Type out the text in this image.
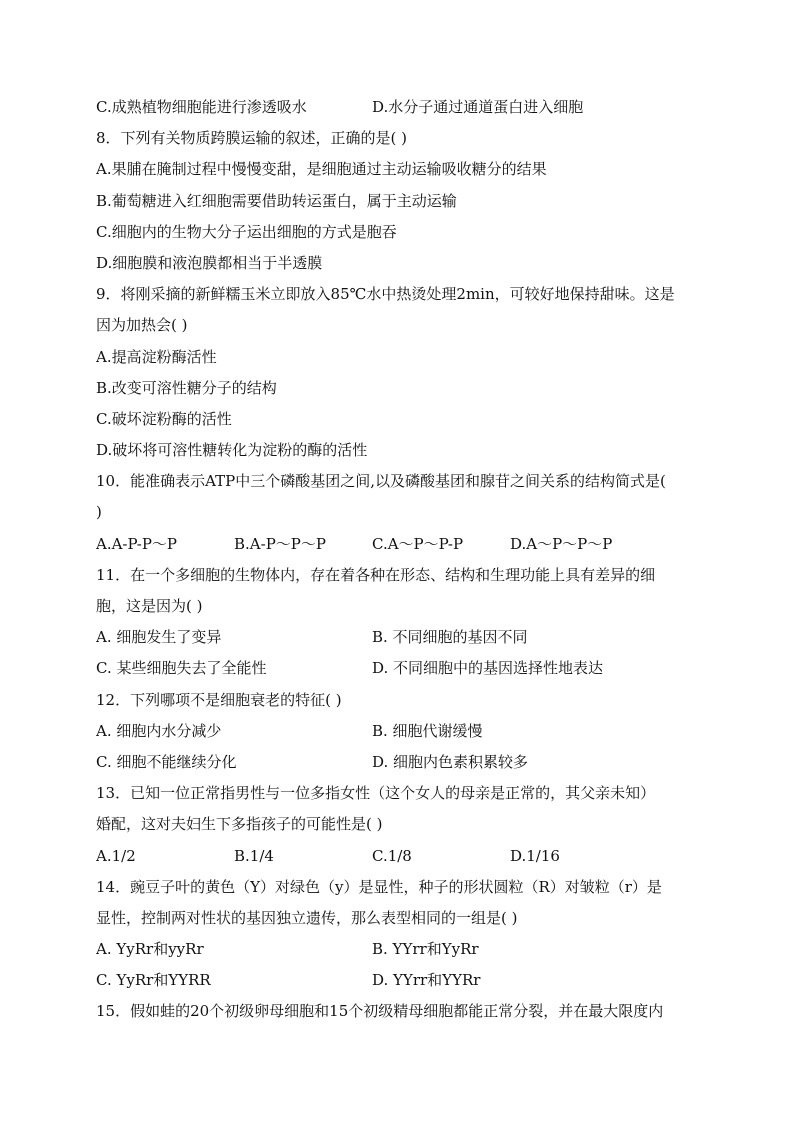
C.成熟植物细胞能进行渗透吸水	D.水分子通过通道蛋白进入细胞
8．下列有关物质跨膜运输的叙述，正确的是( )
A.果脯在腌制过程中慢慢变甜，是细胞通过主动运输吸收糖分的结果
B.葡萄糖进入红细胞需要借助转运蛋白，属于主动运输
C.细胞内的生物大分子运出细胞的方式是胞吞
D.细胞膜和液泡膜都相当于半透膜
9．将刚采摘的新鲜糯玉米立即放入85℃水中热烫处理2min，可较好地保持甜味。这是
因为加热会( )
A.提高淀粉酶活性
B.改变可溶性糖分子的结构
C.破坏淀粉酶的活性
D.破坏将可溶性糖转化为淀粉的酶的活性
10．能准确表示ATP中三个磷酸基团之间,以及磷酸基团和腺苷之间关系的结构简式是(
)
A.A-P-P～P	B.A-P～P～P	C.A～P～P-P	D.A～P～P～P
11．在一个多细胞的生物体内，存在着各种在形态、结构和生理功能上具有差异的细
胞，这是因为( )
A. 细胞发生了变异	B. 不同细胞的基因不同
C. 某些细胞失去了全能性	D. 不同细胞中的基因选择性地表达
12．下列哪项不是细胞衰老的特征( )
A. 细胞内水分减少	B. 细胞代谢缓慢
C. 细胞不能继续分化	D. 细胞内色素积累较多
13．已知一位正常指男性与一位多指女性（这个女人的母亲是正常的，其父亲未知）
婚配，这对夫妇生下多指孩子的可能性是( )
A.1/2	B.1/4	C.1/8	D.1/16
14．豌豆子叶的黄色（Y）对绿色（y）是显性，种子的形状圆粒（R）对皱粒（r）是
显性，控制两对性状的基因独立遗传，那么表型相同的一组是( )
A. YyRr和yyRr	B. YYrr和YyRr
C. YyRr和YYRR	D. YYrr和YYRr
15．假如蛙的20个初级卵母细胞和15个初级精母细胞都能正常分裂，并在最大限度内
